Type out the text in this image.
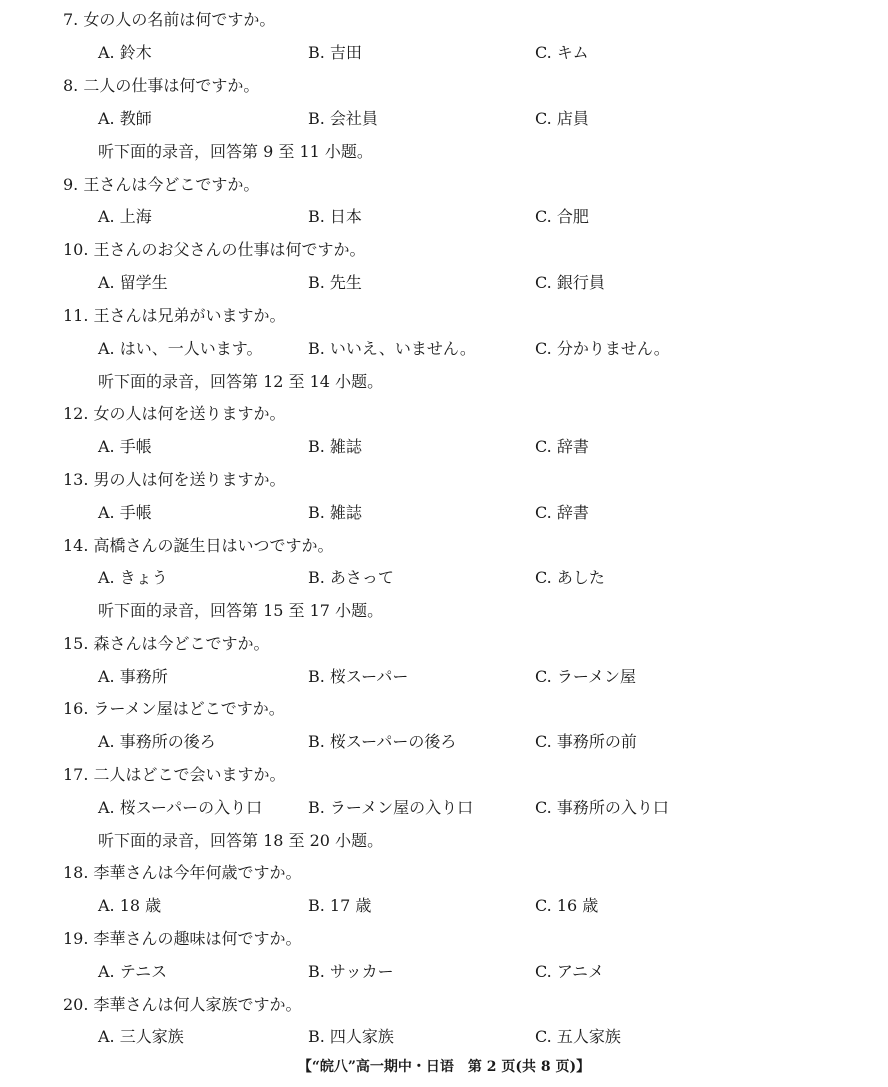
7. 女の人の名前は何ですか。
A. 鈴木	B. 吉田	C. キム
8. 二人の仕事は何ですか。
A. 教師	B. 会社員	C. 店員
听下面的录音，回答第 9 至 11 小题。
9. 王さんは今どこですか。
A. 上海	B. 日本	C. 合肥
10. 王さんのお父さんの仕事は何ですか。
A. 留学生	B. 先生	C. 銀行員
11. 王さんは兄弟がいますか。
A. はい、一人います。	B. いいえ、いません。	C. 分かりません。
听下面的录音，回答第 12 至 14 小题。
12. 女の人は何を送りますか。
A. 手帳	B. 雑誌	C. 辞書
13. 男の人は何を送りますか。
A. 手帳	B. 雑誌	C. 辞書
14. 高橋さんの誕生日はいつですか。
A. きょう	B. あさって	C. あした
听下面的录音，回答第 15 至 17 小题。
15. 森さんは今どこですか。
A. 事務所	B. 桜スーパー	C. ラーメン屋
16. ラーメン屋はどこですか。
A. 事務所の後ろ	B. 桜スーパーの後ろ	C. 事務所の前
17. 二人はどこで会いますか。
A. 桜スーパーの入り口	B. ラーメン屋の入り口	C. 事務所の入り口
听下面的录音，回答第 18 至 20 小题。
18. 李華さんは今年何歳ですか。
A. 18 歳	B. 17 歳	C. 16 歳
19. 李華さんの趣味は何ですか。
A. テニス	B. サッカー	C. アニメ
20. 李華さんは何人家族ですか。
A. 三人家族	B. 四人家族	C. 五人家族
【“皖八”高一期中・日语　第 2 页(共 8 页)】
